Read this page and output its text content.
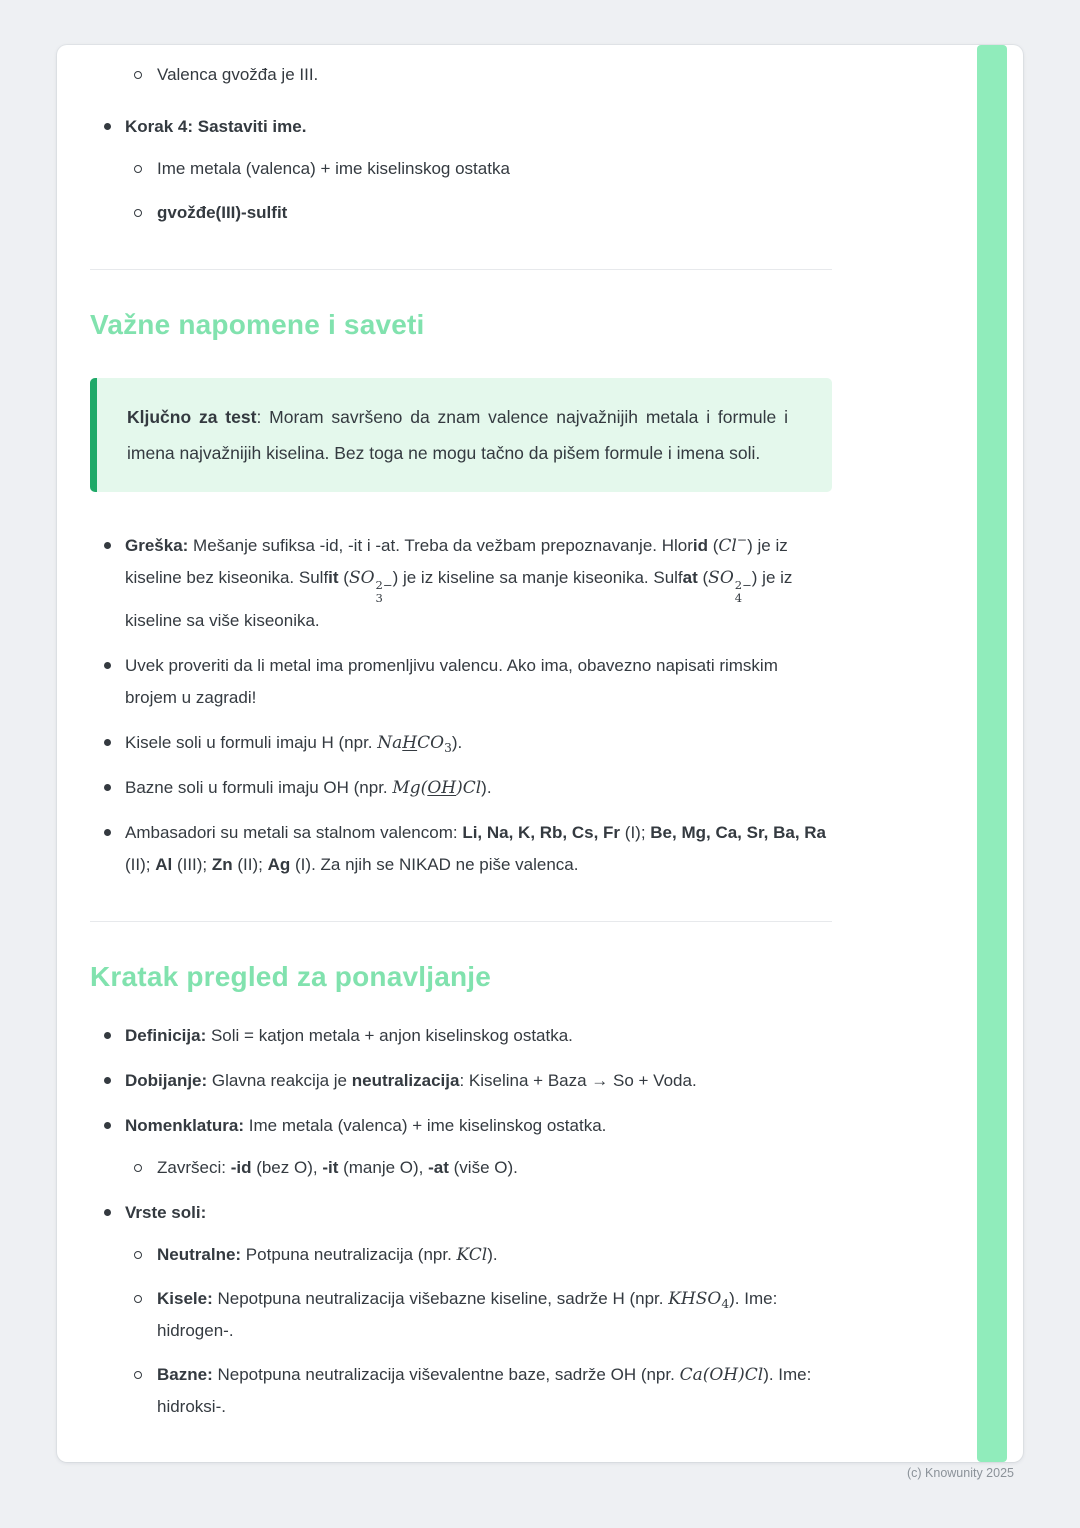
Valenca gvožđa je III.
Korak 4: Sastaviti ime.
Ime metala (valenca) + ime kiselinskog ostatka
gvožđe(III)-sulfit
Važne napomene i saveti

Ključno za test: Moram savršeno da znam valence najvažnijih metala i formule i imena najvažnijih kiselina. Bez toga ne mogu tačno da pišem formule i imena soli.

Greška: Mešanje sufiksa -id, -it i -at. Treba da vežbam prepoznavanje. Hlorid (Cl−) je iz kiseline bez kiseonika. Sulfit (SO 2−
3
) je iz kiseline sa manje kiseonika. Sulfat (SO 2−
4
) je iz kiseline sa više kiseonika.
Uvek proveriti da li metal ima promenljivu valencu. Ako ima, obavezno napisati rimskim brojem u zagradi!
Kisele soli u formuli imaju H (npr. NaHCO$_3$).
Bazne soli u formuli imaju OH (npr. Mg(OH)Cl).
Ambasadori su metali sa stalnom valencom: Li, Na, K, Rb, Cs, Fr (I); Be, Mg, Ca, Sr, Ba, Ra (II); Al (III); Zn (II); Ag (I). Za njih se NIKAD ne piše valenca.
Kratak pregled za ponavljanje
Definicija: Soli = katjon metala + anjon kiselinskog ostatka.
Dobijanje: Glavna reakcija je neutralizacija: Kiselina + Baza → So + Voda.
Nomenklatura: Ime metala (valenca) + ime kiselinskog ostatka.
Završeci: -id (bez O), -it (manje O), -at (više O).
Vrste soli:
Neutralne: Potpuna neutralizacija (npr. KCl).
Kisele: Nepotpuna neutralizacija višebazne kiseline, sadrže H (npr. $KHSO_4$). Ime: hidrogen-.
Bazne: Nepotpuna neutralizacija viševalentne baze, sadrže OH (npr. Ca(OH)Cl). Ime: hidroksi-.
(c) Knowunity 2025
